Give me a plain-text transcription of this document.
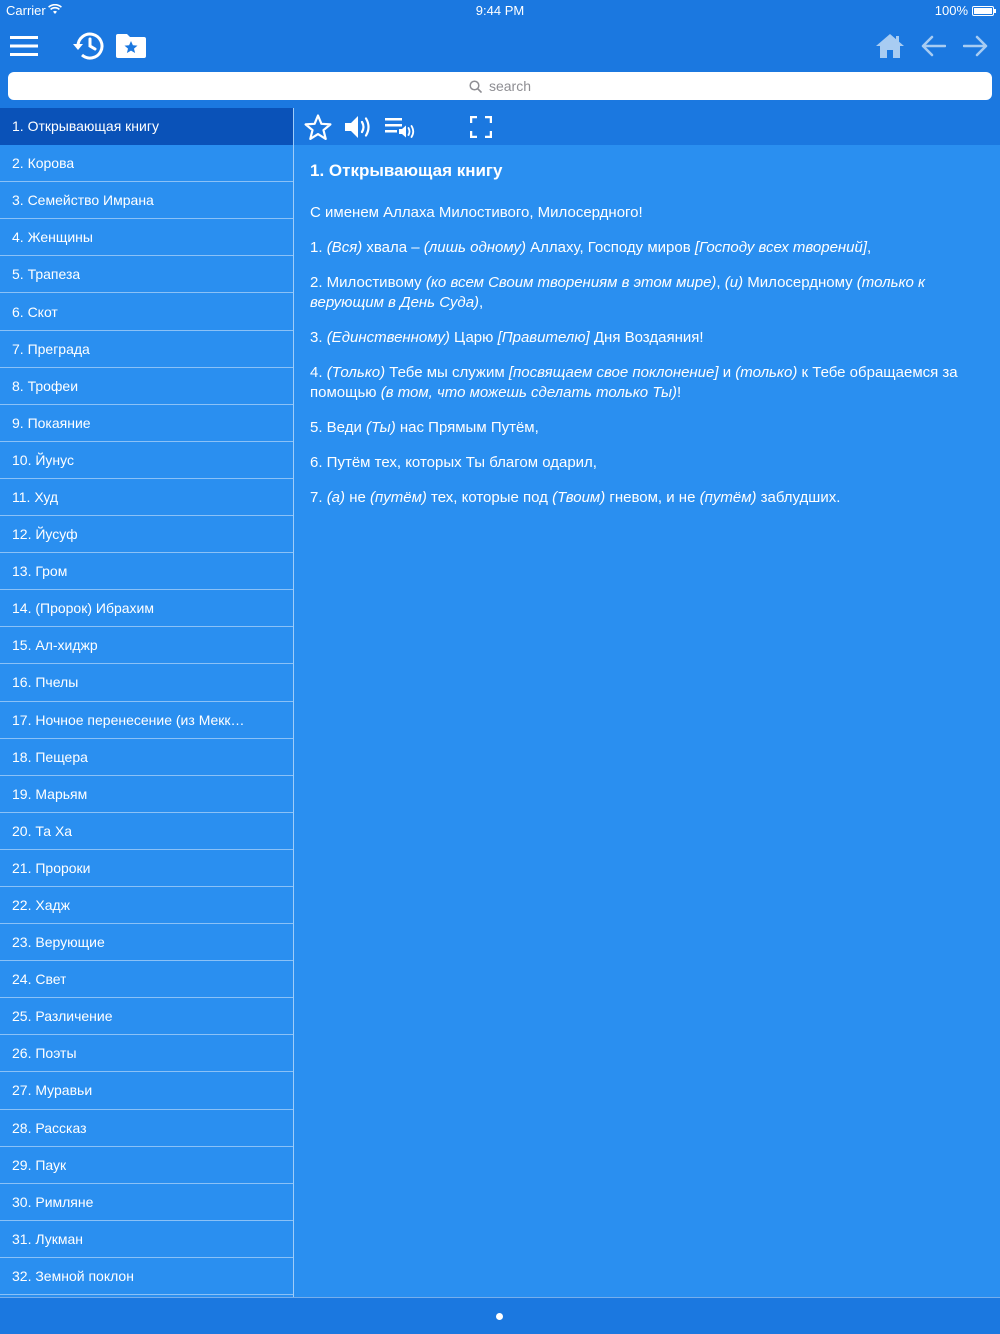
Carrier	9:44 PM	100%
search
1. Открывающая книгу
2. Корова
3. Семейство Имрана
4. Женщины
5. Трапеза
6. Скот
7. Преграда
8. Трофеи
9. Покаяние
10. Йунус
11. Худ
12. Йусуф
13. Гром
14. (Пророк) Ибрахим
15. Ал-хиджр
16. Пчелы
17. Ночное перенесение (из Мекк…
18. Пещера
19. Марьям
20. Та Ха
21. Пророки
22. Хадж
23. Верующие
24. Свет
25. Различение
26. Поэты
27. Муравьи
28. Рассказ
29. Паук
30. Римляне
31. Лукман
32. Земной поклон
1. Открывающая книгу

С именем Аллаха Милостивого, Милосердного!

1. (Вся) хвала – (лишь одному) Аллаху, Господу миров [Господу всех творений],

2. Милостивому (ко всем Своим творениям в этом мире), (и) Милосердному (только к верующим в День Суда),

3. (Единственному) Царю [Правителю] Дня Воздаяния!

4. (Только) Тебе мы служим [посвящаем свое поклонение] и (только) к Тебе обращаемся за помощью (в том, что можешь сделать только Ты)!

5. Веди (Ты) нас Прямым Путём,

6. Путём тех, которых Ты благом одарил,

7. (а) не (путём) тех, которые под (Твоим) гневом, и не (путём) заблудших.
